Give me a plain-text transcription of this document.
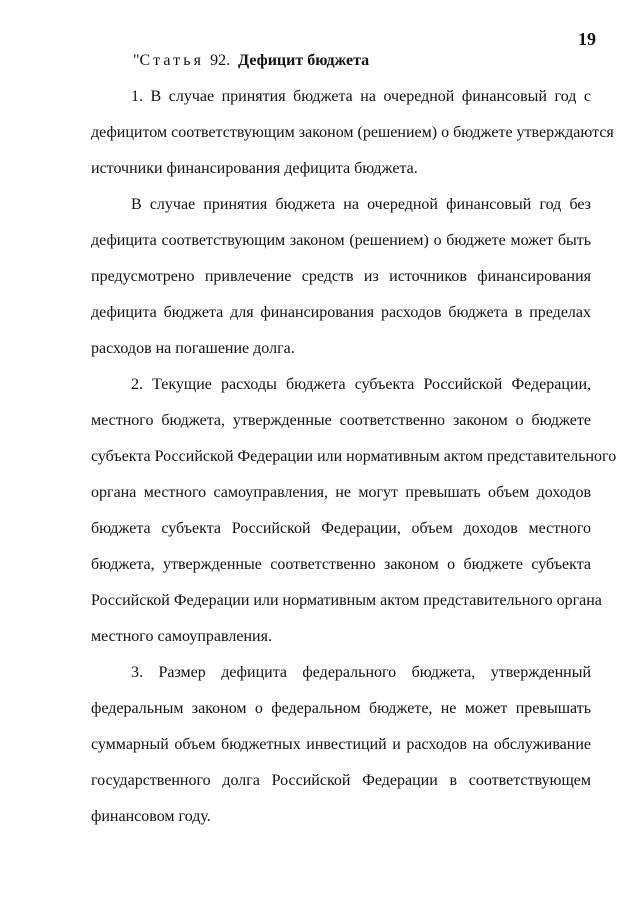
19
"Статья 92. Дефицит бюджета
1. В случае принятия бюджета на очередной финансовый год с
дефицитом соответствующим законом (решением) о бюджете утверждаются
источники финансирования дефицита бюджета.
В случае принятия бюджета на очередной финансовый год без
дефицита соответствующим законом (решением) о бюджете может быть
предусмотрено привлечение средств из источников финансирования
дефицита бюджета для финансирования расходов бюджета в пределах
расходов на погашение долга.
2. Текущие расходы бюджета субъекта Российской Федерации,
местного бюджета, утвержденные соответственно законом о бюджете
субъекта Российской Федерации или нормативным актом представительного
органа местного самоуправления, не могут превышать объем доходов
бюджета субъекта Российской Федерации, объем доходов местного
бюджета, утвержденные соответственно законом о бюджете субъекта
Российской Федерации или нормативным актом представительного органа
местного самоуправления.
3. Размер дефицита федерального бюджета, утвержденный
федеральным законом о федеральном бюджете, не может превышать
суммарный объем бюджетных инвестиций и расходов на обслуживание
государственного долга Российской Федерации в соответствующем
финансовом году.
